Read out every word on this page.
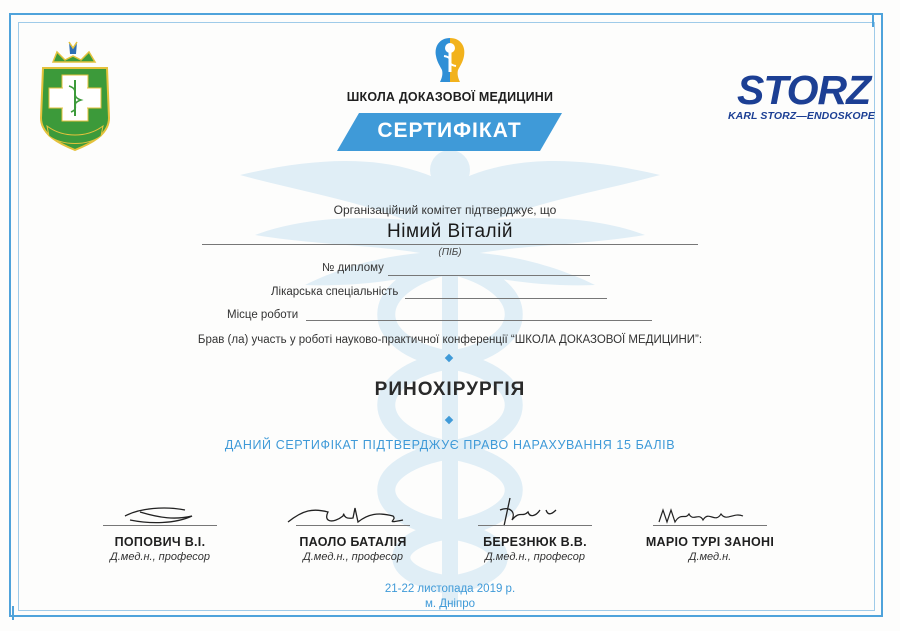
ШКОЛА ДОКАЗОВОЇ МЕДИЦИНИ
СЕРТИФІКАТ
STORZ
KARL STORZ—ENDOSKOPE
Організаційний комітет підтверджує, що
Німий Віталій
(ПІБ)
№ диплому
Лікарська спеціальність
Місце роботи
Брав (ла) участь у роботі науково-практичної конференції “ШКОЛА ДОКАЗОВОЇ МЕДИЦИНИ”:
РИНОХІРУРГІЯ
ДАНИЙ СЕРТИФІКАТ ПІДТВЕРДЖУЄ ПРАВО НАРАХУВАННЯ 15 БАЛІВ
ПОПОВИЧ В.І.
Д.мед.н., професор
ПАОЛО БАТАЛІЯ
Д.мед.н., професор
БЕРЕЗНЮК В.В.
Д.мед.н., професор
МАРІО ТУРІ ЗАНОНІ
Д.мед.н.
21-22 листопада 2019 р.
м. Дніпро
